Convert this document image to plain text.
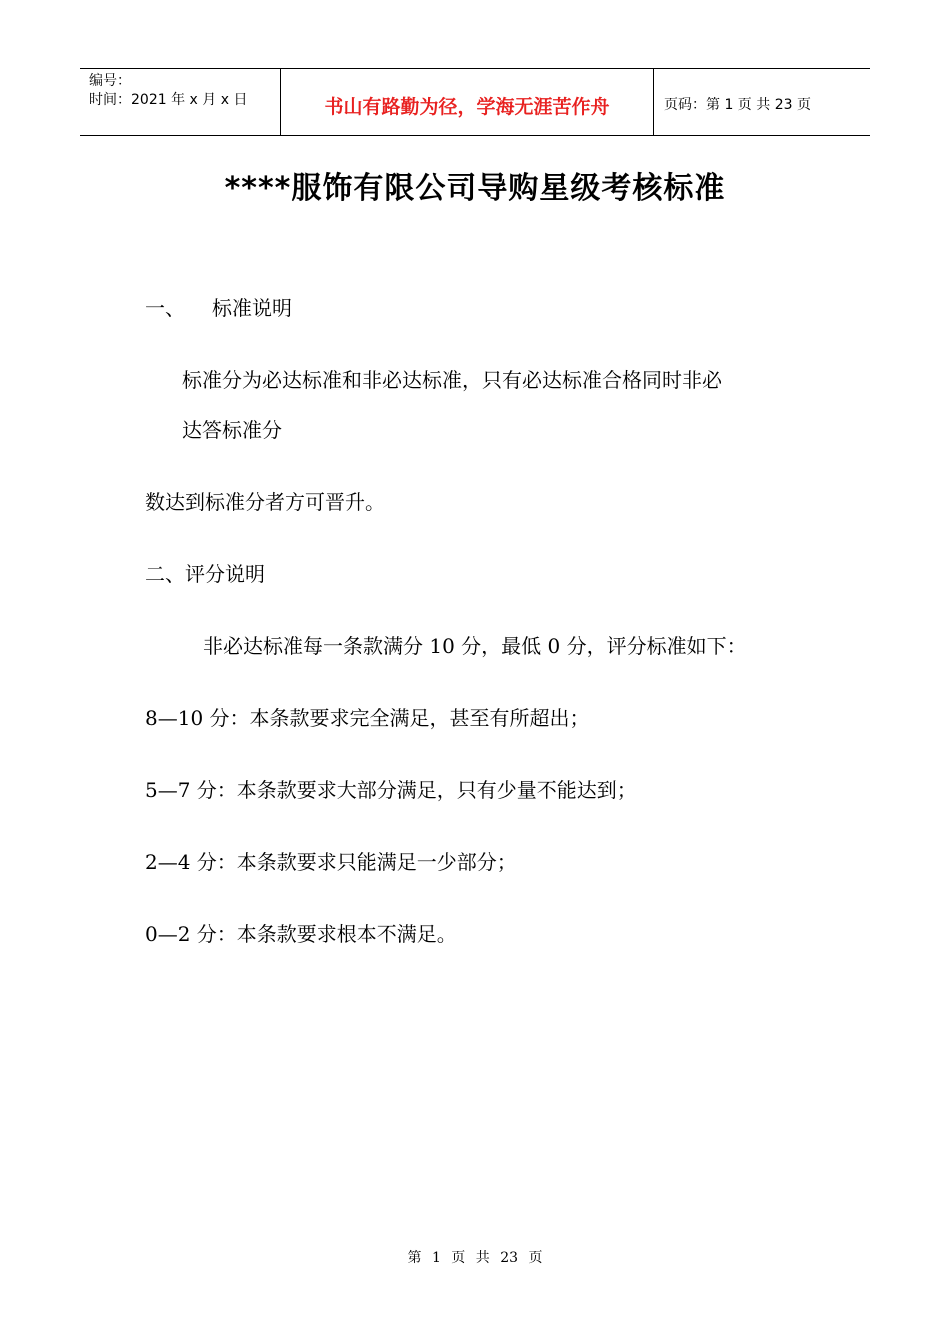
编号：
时间：2021 年 x 月 x 日	书山有路勤为径，学海无涯苦作舟	页码：第 1 页 共 23 页
****服饰有限公司导购星级考核标准
一、 标准说明
标准分为必达标准和非必达标准，只有必达标准合格同时非必
达答标准分
数达到标准分者方可晋升。
二、评分说明
非必达标准每一条款满分 10 分，最低 0 分，评分标准如下：
8—10 分：本条款要求完全满足，甚至有所超出；
5—7 分：本条款要求大部分满足，只有少量不能达到；
2—4 分：本条款要求只能满足一少部分；
0—2 分：本条款要求根本不满足。
第 1 页 共 23 页
